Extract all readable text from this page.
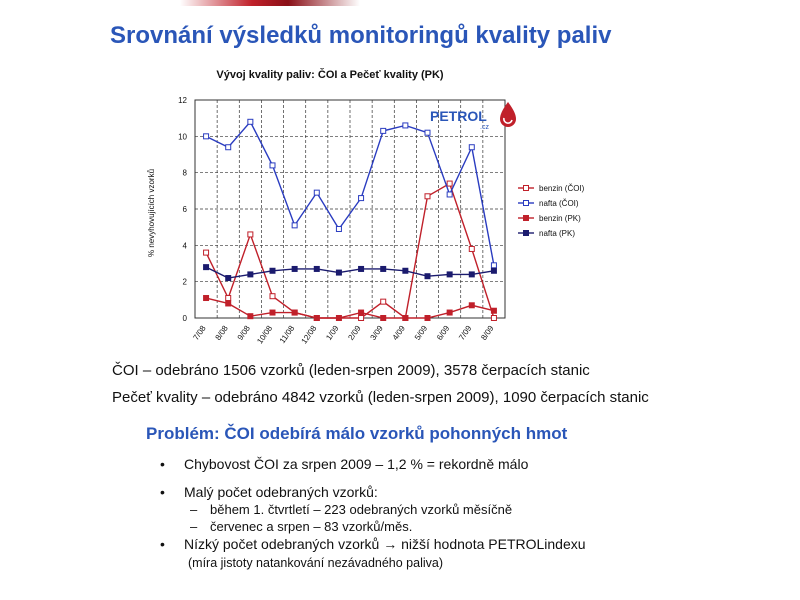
Srovnání výsledků monitoringů kvality paliv
Vývoj kvality paliv: ČOI a Pečeť kvality (PK)
0
2
4
6
8
10
12
7/08 8/08 9/08 10/08 11/08 12/08 1/09 2/09 3/09 4/09 5/09 6/09 7/09 8/09
% nevyhovujících vzorků	benzin (ČOI)
nafta (ČOI)
benzin (PK)
nafta (PK)
PETROL
.cz
ČOI – odebráno 1506 vzorků (leden-srpen 2009), 3578 čerpacích stanic
Pečeť kvality – odebráno 4842 vzorků (leden-srpen 2009), 1090 čerpacích stanic
Problém: ČOI odebírá málo vzorků pohonných hmot
• Chybovost ČOI za srpen 2009 – 1,2 % = rekordně málo
• Malý počet odebraných vzorků:
– během 1. čtvrtletí – 223 odebraných vzorků měsíčně
– červenec a srpen – 83 vzorků/měs.
• Nízký počet odebraných vzorků → nižší hodnota PETROLindexu
(míra jistoty natankování nezávadného paliva)
